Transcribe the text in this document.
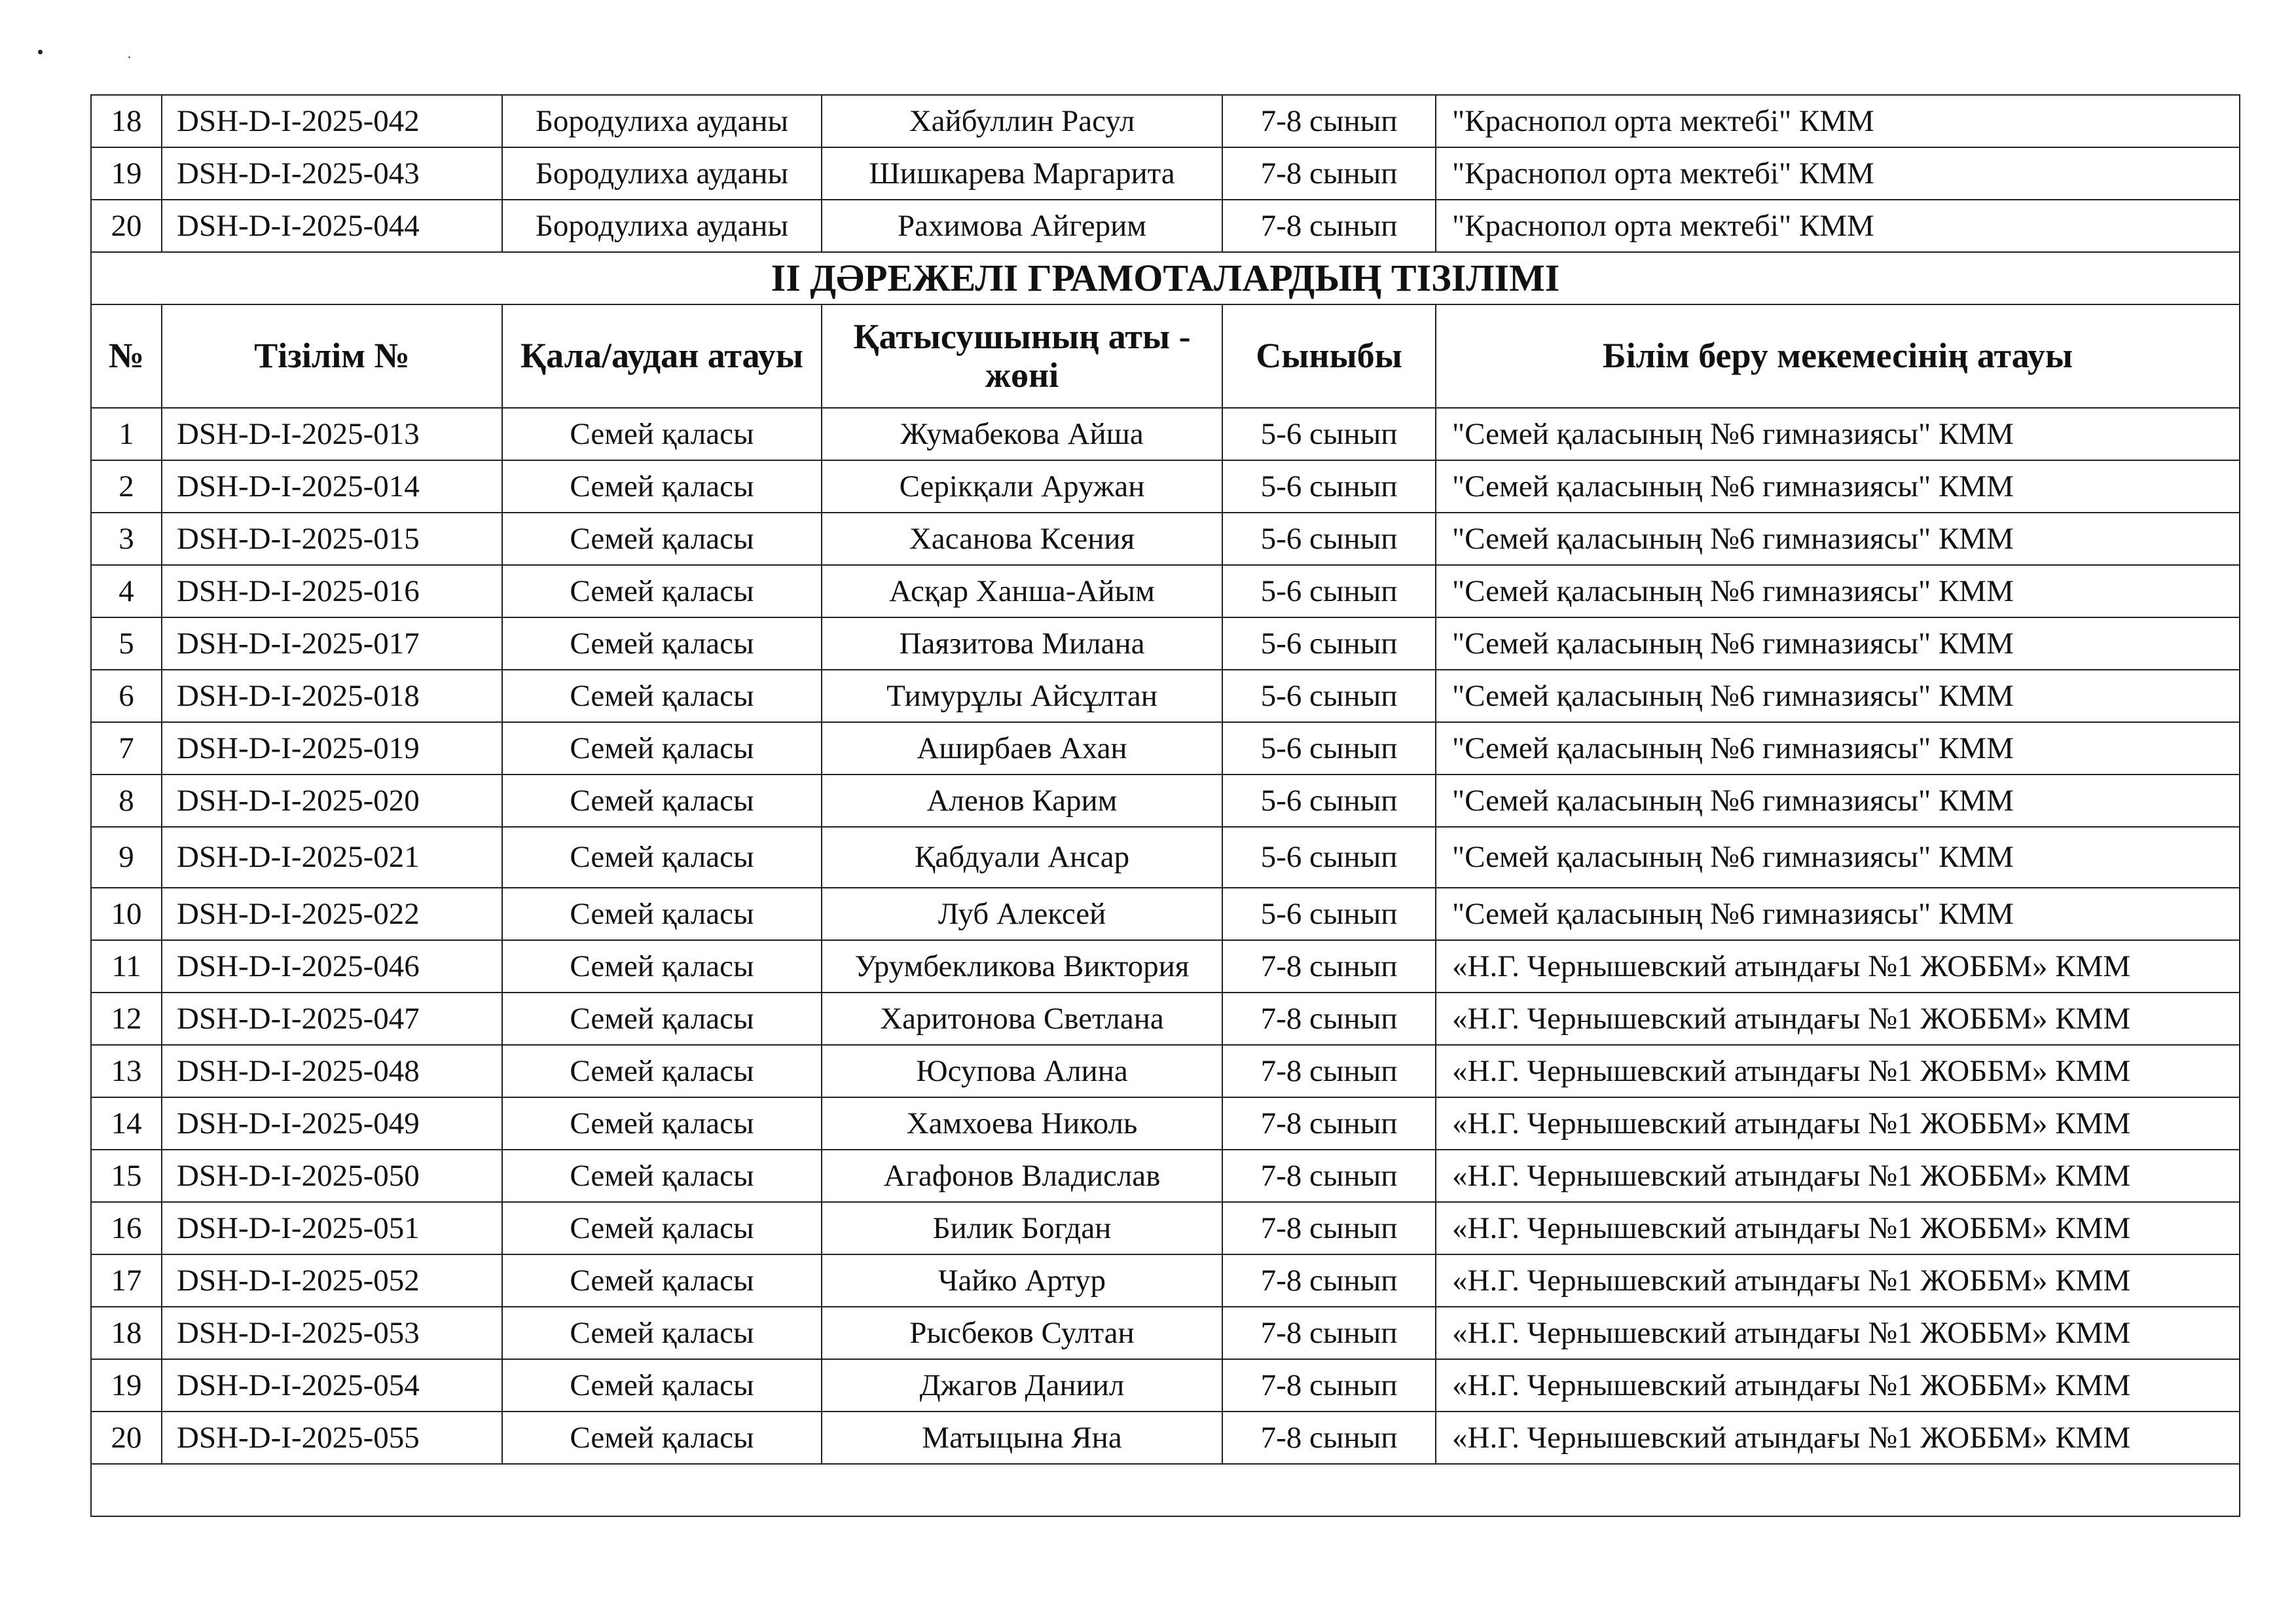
18	DSH-D-I-2025-042	Бородулиха ауданы	Хайбуллин Расул	7-8 сынып	"Краснопол орта мектебі" КММ
19	DSH-D-I-2025-043	Бородулиха ауданы	Шишкарева Маргарита	7-8 сынып	"Краснопол орта мектебі" КММ
20	DSH-D-I-2025-044	Бородулиха ауданы	Рахимова Айгерим	7-8 сынып	"Краснопол орта мектебі" КММ
II ДӘРЕЖЕЛІ ГРАМОТАЛАРДЫҢ ТІЗІЛІМІ					
№	Тізілім №	Қала/аудан атауы	Қатысушының аты - жөні	Сыныбы	Білім беру мекемесінің атауы
1	DSH-D-I-2025-013	Семей қаласы	Жумабекова Айша	5-6 сынып	"Семей қаласының №6 гимназиясы" КММ
2	DSH-D-I-2025-014	Семей қаласы	Серікқали Аружан	5-6 сынып	"Семей қаласының №6 гимназиясы" КММ
3	DSH-D-I-2025-015	Семей қаласы	Хасанова Ксения	5-6 сынып	"Семей қаласының №6 гимназиясы" КММ
4	DSH-D-I-2025-016	Семей қаласы	Асқар Ханша-Айым	5-6 сынып	"Семей қаласының №6 гимназиясы" КММ
5	DSH-D-I-2025-017	Семей қаласы	Паязитова Милана	5-6 сынып	"Семей қаласының №6 гимназиясы" КММ
6	DSH-D-I-2025-018	Семей қаласы	Тимурұлы Айсұлтан	5-6 сынып	"Семей қаласының №6 гимназиясы" КММ
7	DSH-D-I-2025-019	Семей қаласы	Аширбаев Ахан	5-6 сынып	"Семей қаласының №6 гимназиясы" КММ
8	DSH-D-I-2025-020	Семей қаласы	Аленов Карим	5-6 сынып	"Семей қаласының №6 гимназиясы" КММ
9	DSH-D-I-2025-021	Семей қаласы	Қабдуали Ансар	5-6 сынып	"Семей қаласының №6 гимназиясы" КММ
10	DSH-D-I-2025-022	Семей қаласы	Луб Алексей	5-6 сынып	"Семей қаласының №6 гимназиясы" КММ
11	DSH-D-I-2025-046	Семей қаласы	Урумбекликова Виктория	7-8 сынып	«Н.Г. Чернышевский атындағы №1 ЖОББМ» КММ
12	DSH-D-I-2025-047	Семей қаласы	Харитонова Светлана	7-8 сынып	«Н.Г. Чернышевский атындағы №1 ЖОББМ» КММ
13	DSH-D-I-2025-048	Семей қаласы	Юсупова Алина	7-8 сынып	«Н.Г. Чернышевский атындағы №1 ЖОББМ» КММ
14	DSH-D-I-2025-049	Семей қаласы	Хамхоева Николь	7-8 сынып	«Н.Г. Чернышевский атындағы №1 ЖОББМ» КММ
15	DSH-D-I-2025-050	Семей қаласы	Агафонов Владислав	7-8 сынып	«Н.Г. Чернышевский атындағы №1 ЖОББМ» КММ
16	DSH-D-I-2025-051	Семей қаласы	Билик Богдан	7-8 сынып	«Н.Г. Чернышевский атындағы №1 ЖОББМ» КММ
17	DSH-D-I-2025-052	Семей қаласы	Чайко Артур	7-8 сынып	«Н.Г. Чернышевский атындағы №1 ЖОББМ» КММ
18	DSH-D-I-2025-053	Семей қаласы	Рысбеков Султан	7-8 сынып	«Н.Г. Чернышевский атындағы №1 ЖОББМ» КММ
19	DSH-D-I-2025-054	Семей қаласы	Джагов Даниил	7-8 сынып	«Н.Г. Чернышевский атындағы №1 ЖОББМ» КММ
20	DSH-D-I-2025-055	Семей қаласы	Матыцына Яна	7-8 сынып	«Н.Г. Чернышевский атындағы №1 ЖОББМ» КММ
